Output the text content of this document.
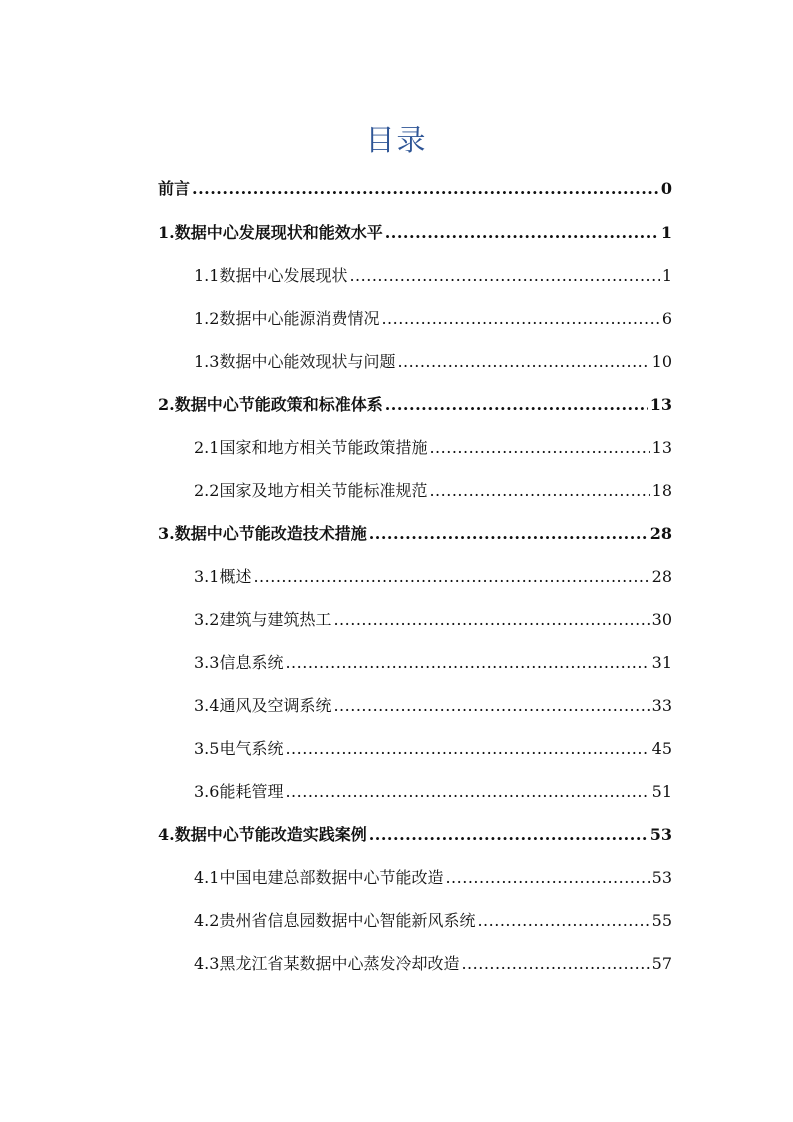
目录
前言 .....	0
1. 数据中心发展现状和能效水平 .....	1
1.1 数据中心发展现状 .....	1
1.2 数据中心能源消费情况 .....	6
1.3 数据中心能效现状与问题 .....	10
2. 数据中心节能政策和标准体系 .....	13
2.1 国家和地方相关节能政策措施 .....	13
2.2 国家及地方相关节能标准规范 .....	18
3. 数据中心节能改造技术措施 .....	28
3.1 概述 .....	28
3.2 建筑与建筑热工 .....	30
3.3 信息系统 .....	31
3.4 通风及空调系统 .....	33
3.5 电气系统 .....	45
3.6 能耗管理 .....	51
4. 数据中心节能改造实践案例 .....	53
4.1 中国电建总部数据中心节能改造 .....	53
4.2 贵州省信息园数据中心智能新风系统 .....	55
4.3 黑龙江省某数据中心蒸发冷却改造 .....	57
